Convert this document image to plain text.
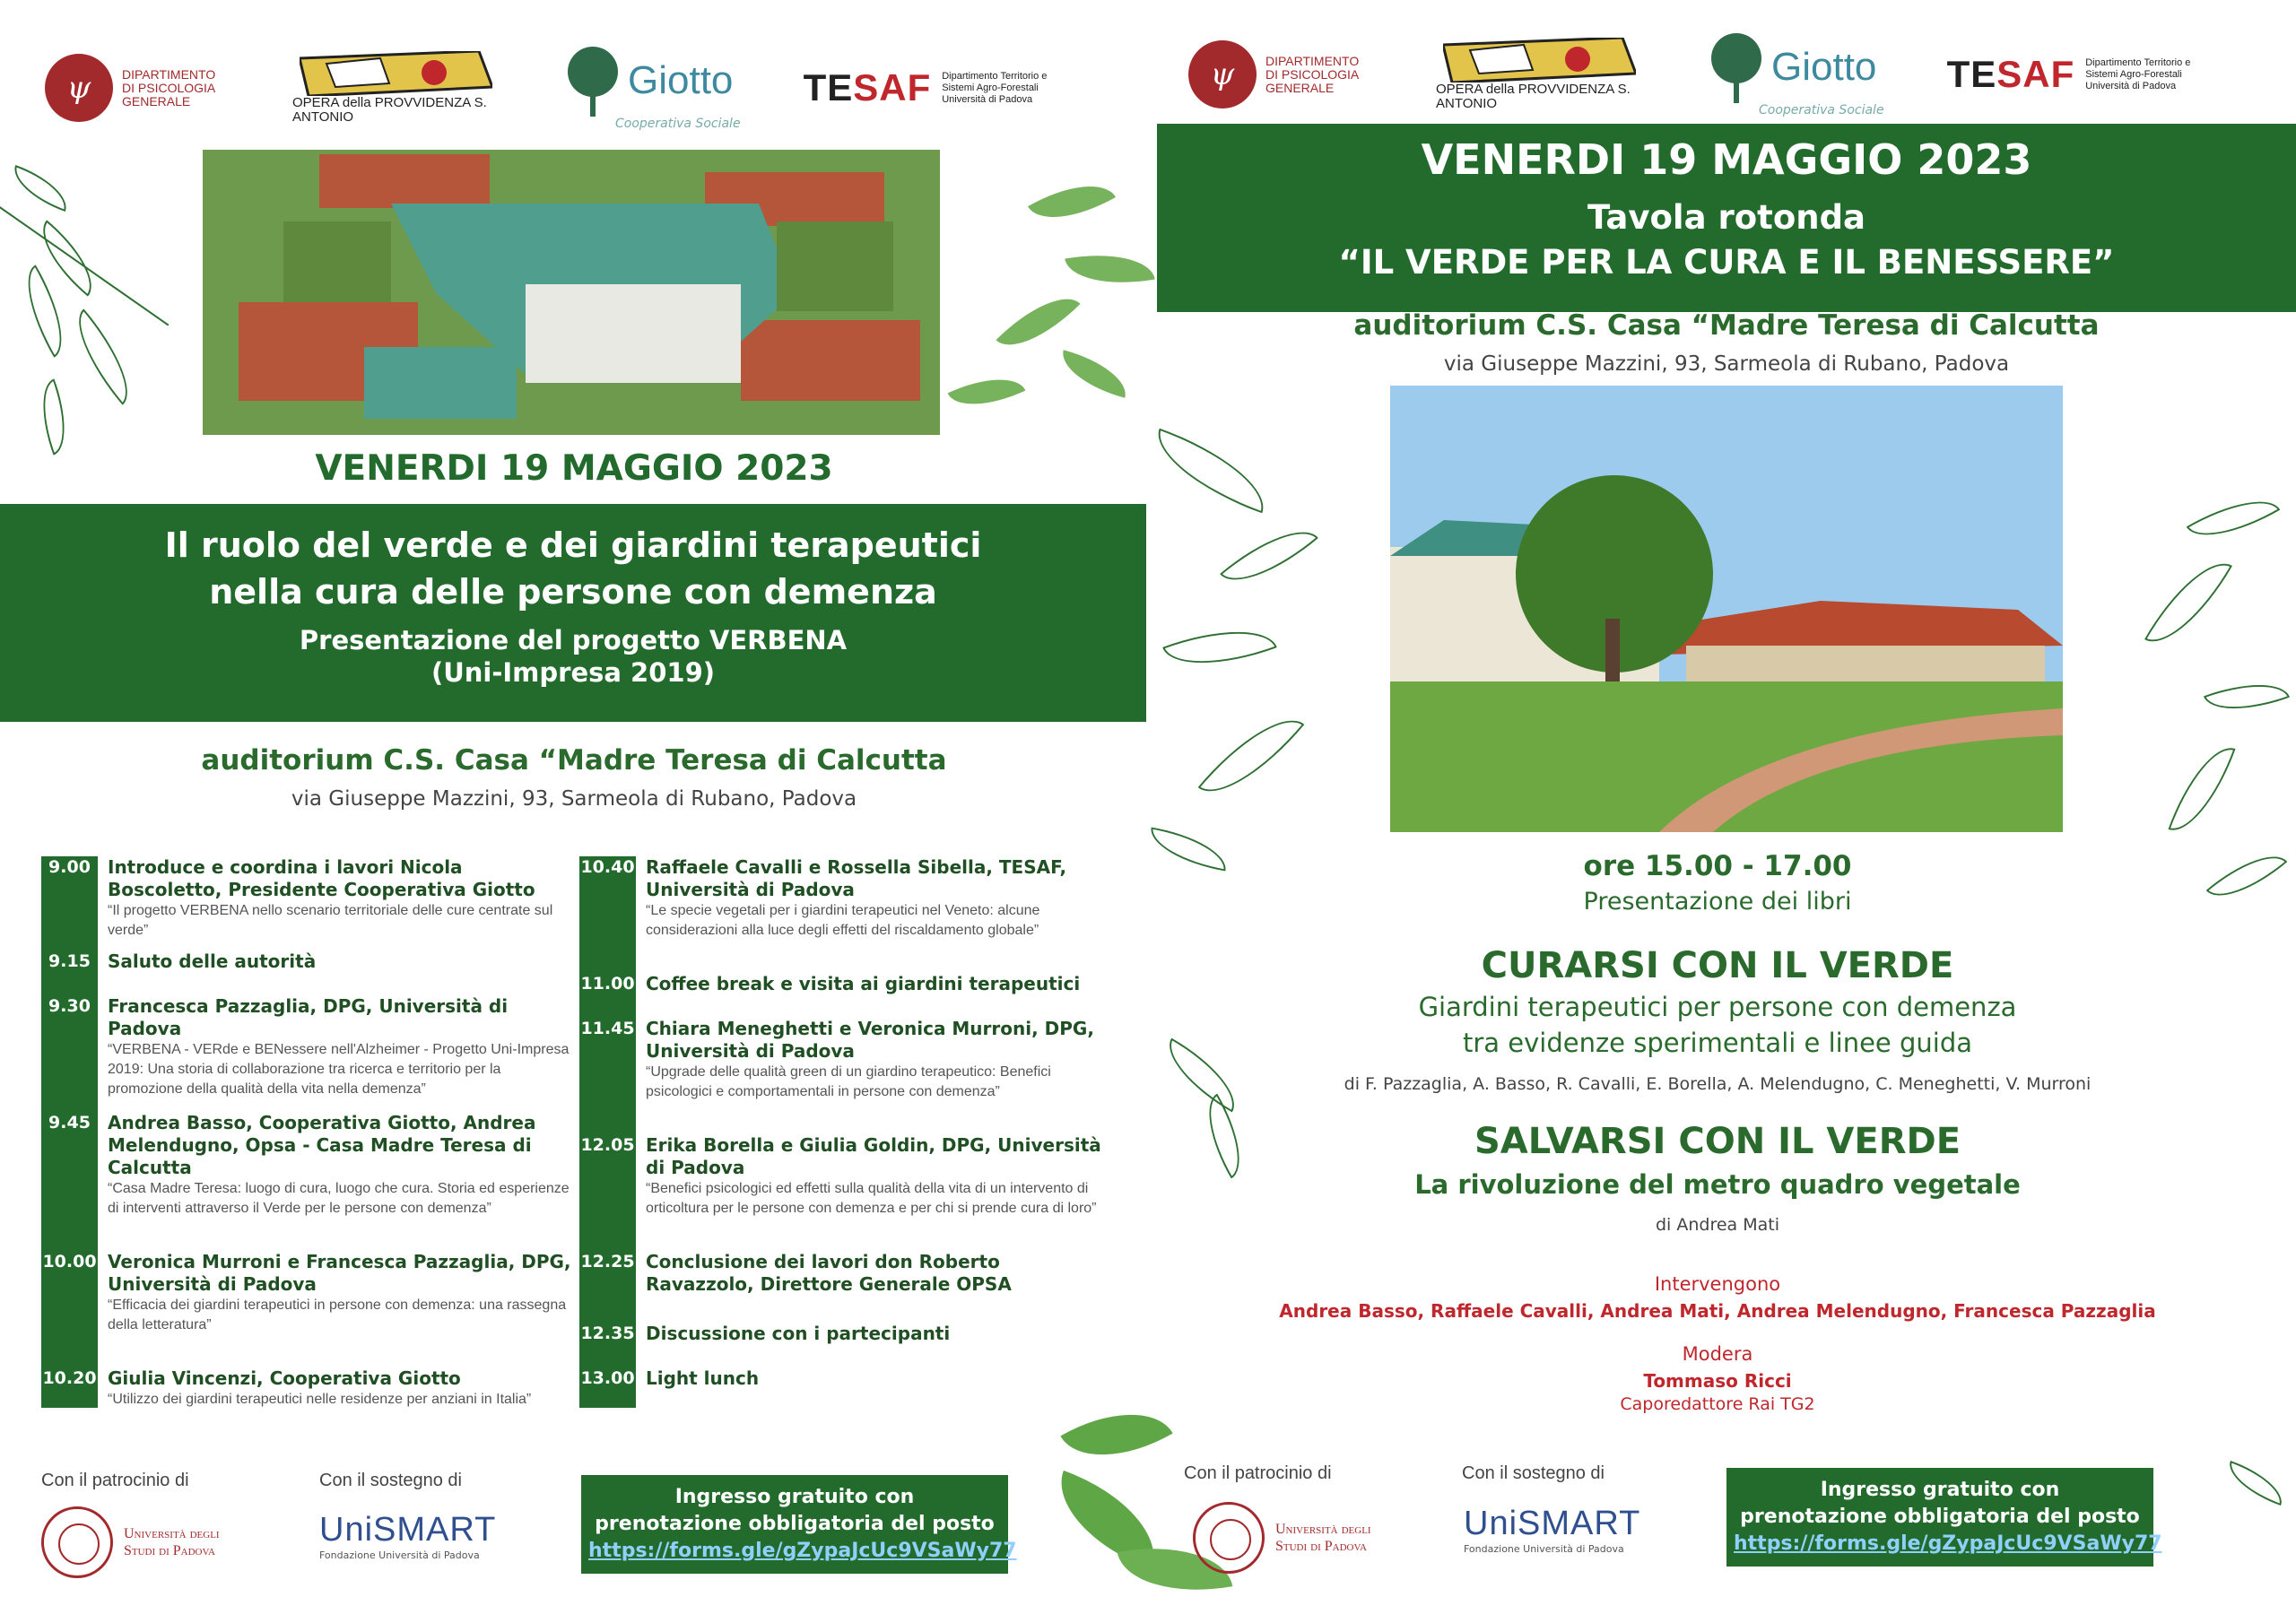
ψ	DIPARTIMENTO DI PSICOLOGIA GENERALE	OPERA della PROVVIDENZA S. ANTONIO
Giotto
Cooperativa Sociale
TESAF Dipartimento Territorio e Sistemi Agro-Forestali Università di Padova
VENERDI 19 MAGGIO 2023
Il ruolo del verde e dei giardini terapeutici
nella cura delle persone con demenza
Presentazione del progetto VERBENA
(Uni-Impresa 2019)
auditorium C.S. Casa “Madre Teresa di Calcutta
via Giuseppe Mazzini, 93, Sarmeola di Rubano, Padova
9.00 Introduce e coordina i lavori Nicola Boscoletto, Presidente Cooperativa Giotto
“Il progetto VERBENA nello scenario territoriale delle cure centrate sul verde”
9.15 Saluto delle autorità
9.30 Francesca Pazzaglia, DPG, Università di Padova
“VERBENA - VERde e BENessere nell'Alzheimer - Progetto Uni-Impresa 2019: Una storia di collaborazione tra ricerca e territorio per la promozione della qualità della vita nella demenza”
9.45 Andrea Basso, Cooperativa Giotto, Andrea Melendugno, Opsa - Casa Madre Teresa di Calcutta
“Casa Madre Teresa: luogo di cura, luogo che cura. Storia ed esperienze di interventi attraverso il Verde per le persone con demenza”
10.00 Veronica Murroni e Francesca Pazzaglia, DPG, Università di Padova
“Efficacia dei giardini terapeutici in persone con demenza: una rassegna della letteratura”
10.20 Giulia Vincenzi, Cooperativa Giotto
“Utilizzo dei giardini terapeutici nelle residenze per anziani in Italia”
10.40 Raffaele Cavalli e Rossella Sibella, TESAF, Università di Padova
“Le specie vegetali per i giardini terapeutici nel Veneto: alcune considerazioni alla luce degli effetti del riscaldamento globale”
11.00 Coffee break e visita ai giardini terapeutici
11.45 Chiara Meneghetti e Veronica Murroni, DPG, Università di Padova
“Upgrade delle qualità green di un giardino terapeutico: Benefici psicologici e comportamentali in persone con demenza”
12.05 Erika Borella e Giulia Goldin, DPG, Università di Padova
“Benefici psicologici ed effetti sulla qualità della vita di un intervento di orticoltura per le persone con demenza e per chi si prende cura di loro”
12.25 Conclusione dei lavori don Roberto Ravazzolo, Direttore Generale OPSA
12.35 Discussione con i partecipanti
13.00 Light lunch
Con il patrocinio di
Università degli Studi di Padova
Con il sostegno di
UniSMART
Fondazione Università di Padova
Ingresso gratuito con
prenotazione obbligatoria del posto
https://forms.gle/gZypaJcUc9VSaWy77
ψ	DIPARTIMENTO DI PSICOLOGIA GENERALE	OPERA della PROVVIDENZA S. ANTONIO
Giotto
Cooperativa Sociale
TESAF Dipartimento Territorio e Sistemi Agro-Forestali Università di Padova
VENERDI 19 MAGGIO 2023
Tavola rotonda
“IL VERDE PER LA CURA E IL BENESSERE”
auditorium C.S. Casa “Madre Teresa di Calcutta
via Giuseppe Mazzini, 93, Sarmeola di Rubano, Padova
ore 15.00 - 17.00
Presentazione dei libri
CURARSI CON IL VERDE
Giardini terapeutici per persone con demenza
tra evidenze sperimentali e linee guida
di F. Pazzaglia, A. Basso, R. Cavalli, E. Borella, A. Melendugno, C. Meneghetti, V. Murroni
SALVARSI CON IL VERDE
La rivoluzione del metro quadro vegetale
di Andrea Mati
Intervengono
Andrea Basso, Raffaele Cavalli, Andrea Mati, Andrea Melendugno, Francesca Pazzaglia
Modera
Tommaso Ricci
Caporedattore Rai TG2
Con il patrocinio di
Università degli Studi di Padova
Con il sostegno di
UniSMART
Fondazione Università di Padova
Ingresso gratuito con
prenotazione obbligatoria del posto
https://forms.gle/gZypaJcUc9VSaWy77
